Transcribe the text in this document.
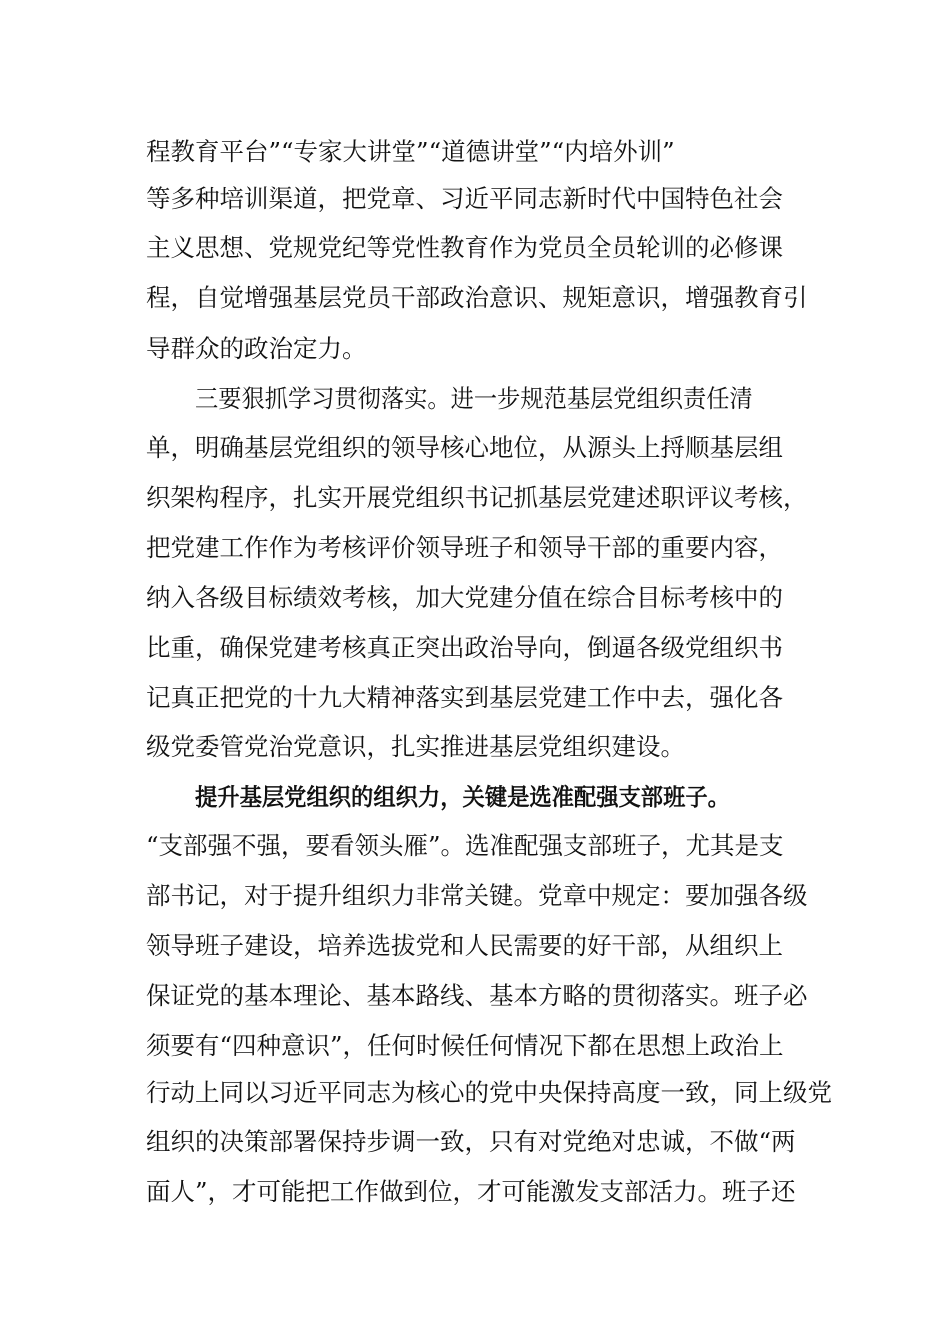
程教育平台”“专家大讲堂”“道德讲堂”“内培外训”
等多种培训渠道，把党章、习近平同志新时代中国特色社会
主义思想、党规党纪等党性教育作为党员全员轮训的必修课
程，自觉增强基层党员干部政治意识、规矩意识，增强教育引
导群众的政治定力。
三要狠抓学习贯彻落实。进一步规范基层党组织责任清
单，明确基层党组织的领导核心地位，从源头上捋顺基层组
织架构程序，扎实开展党组织书记抓基层党建述职评议考核，
把党建工作作为考核评价领导班子和领导干部的重要内容，
纳入各级目标绩效考核，加大党建分值在综合目标考核中的
比重，确保党建考核真正突出政治导向，倒逼各级党组织书
记真正把党的十九大精神落实到基层党建工作中去，强化各
级党委管党治党意识，扎实推进基层党组织建设。
提升基层党组织的组织力，关键是选准配强支部班子。
“支部强不强，要看领头雁”。选准配强支部班子，尤其是支
部书记，对于提升组织力非常关键。党章中规定：要加强各级
领导班子建设，培养选拔党和人民需要的好干部，从组织上
保证党的基本理论、基本路线、基本方略的贯彻落实。班子必
须要有“四种意识”，任何时候任何情况下都在思想上政治上
行动上同以习近平同志为核心的党中央保持高度一致，同上级党
组织的决策部署保持步调一致，只有对党绝对忠诚，不做“两
面人”，才可能把工作做到位，才可能激发支部活力。班子还
